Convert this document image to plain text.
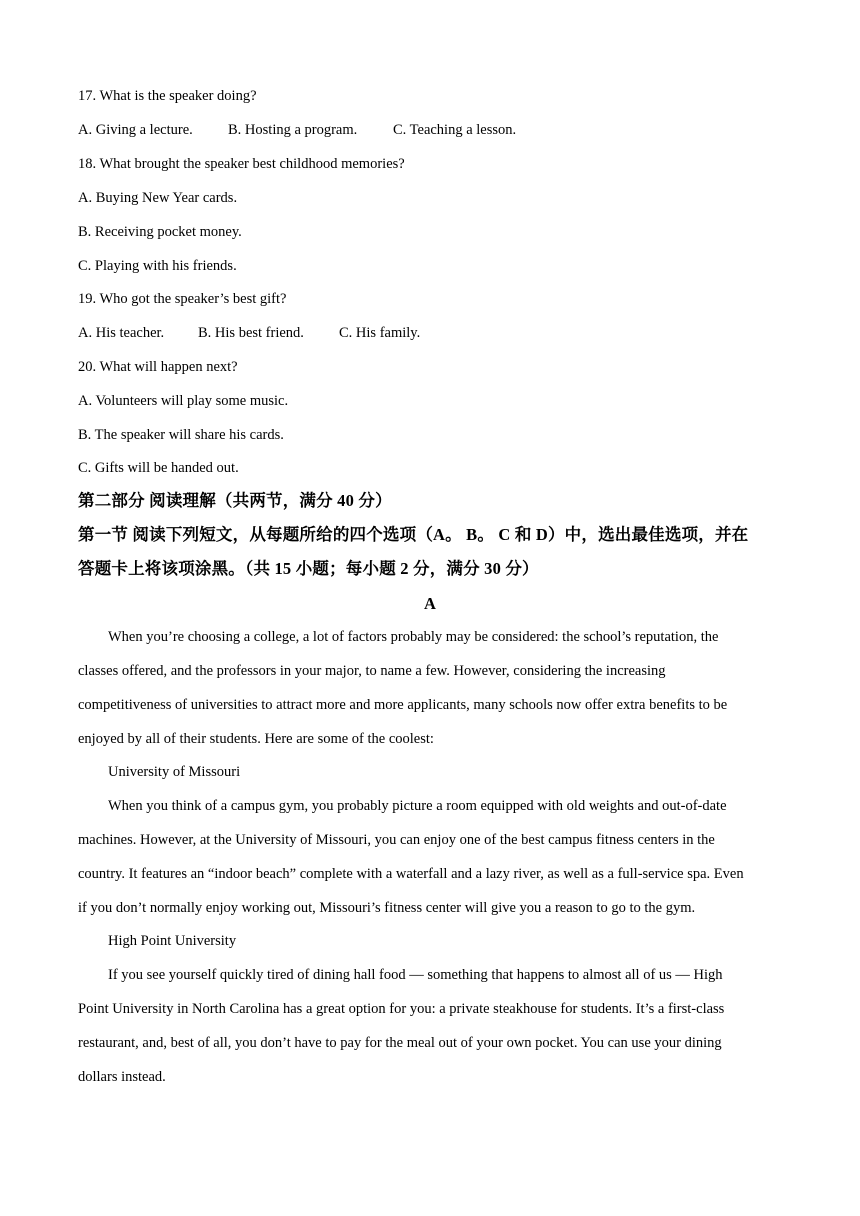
17. What is the speaker doing?
A. Giving a lecture. B. Hosting a program. C. Teaching a lesson.
18. What brought the speaker best childhood memories?
A. Buying New Year cards.
B. Receiving pocket money.
C. Playing with his friends.
19. Who got the speaker’s best gift?
A. His teacher. B. His best friend. C. His family.
20. What will happen next?
A. Volunteers will play some music.
B. The speaker will share his cards.
C. Gifts will be handed out.
第二部分 阅读理解（共两节，满分 40 分）
第一节 阅读下列短文，从每题所给的四个选项（A。 B。 C 和 D）中，选出最佳选项，并在
答题卡上将该项涂黑。（共 15 小题；每小题 2 分，满分 30 分）
A
When you’re choosing a college, a lot of factors probably may be considered: the school’s reputation, the
classes offered, and the professors in your major, to name a few. However, considering the increasing
competitiveness of universities to attract more and more applicants, many schools now offer extra benefits to be
enjoyed by all of their students. Here are some of the coolest:
University of Missouri
When you think of a campus gym, you probably picture a room equipped with old weights and out-of-date
machines. However, at the University of Missouri, you can enjoy one of the best campus fitness centers in the
country. It features an “indoor beach” complete with a waterfall and a lazy river, as well as a full-service spa. Even
if you don’t normally enjoy working out, Missouri’s fitness center will give you a reason to go to the gym.
High Point University
If you see yourself quickly tired of dining hall food — something that happens to almost all of us — High
Point University in North Carolina has a great option for you: a private steakhouse for students. It’s a first-class
restaurant, and, best of all, you don’t have to pay for the meal out of your own pocket. You can use your dining
dollars instead.
